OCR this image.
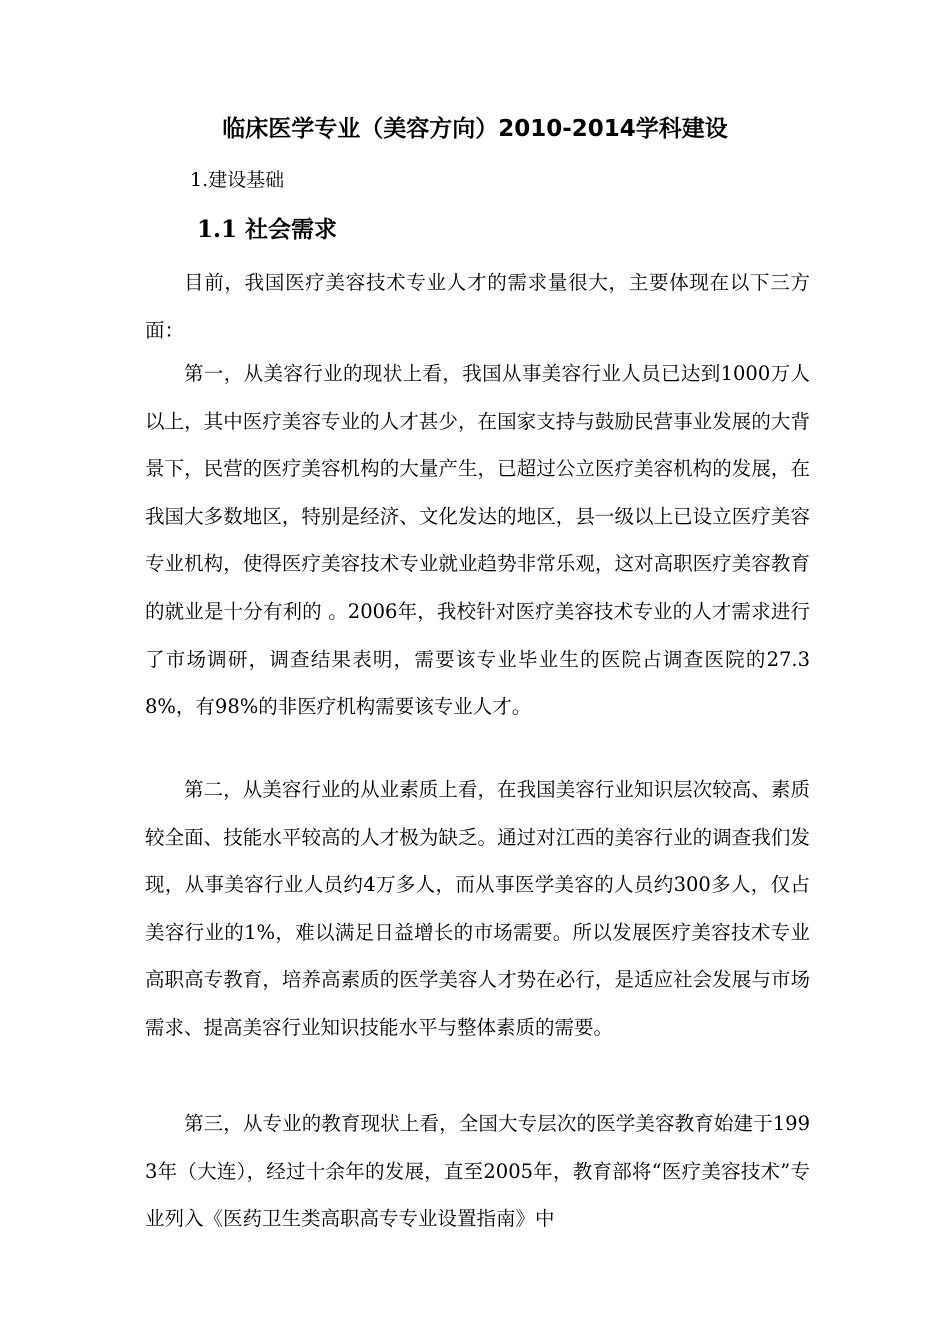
临床医学专业（美容方向）2010-2014学科建设
1.建设基础
1.1 社会需求

目前，我国医疗美容技术专业人才的需求量很大，主要体现在以下三方面：

第一，从美容行业的现状上看，我国从事美容行业人员已达到1000万人以上，其中医疗美容专业的人才甚少，在国家支持与鼓励民营事业发展的大背景下，民营的医疗美容机构的大量产生，已超过公立医疗美容机构的发展，在我国大多数地区，特别是经济、文化发达的地区，县一级以上已设立医疗美容专业机构，使得医疗美容技术专业就业趋势非常乐观，这对高职医疗美容教育的就业是十分有利的 。2006年，我校针对医疗美容技术专业的人才需求进行了市场调研，调查结果表明，需要该专业毕业生的医院占调查医院的27.38%，有98%的非医疗机构需要该专业人才。

第二，从美容行业的从业素质上看，在我国美容行业知识层次较高、素质较全面、技能水平较高的人才极为缺乏。通过对江西的美容行业的调查我们发现，从事美容行业人员约4万多人，而从事医学美容的人员约300多人，仅占美容行业的1%，难以满足日益增长的市场需要。所以发展医疗美容技术专业高职高专教育，培养高素质的医学美容人才势在必行，是适应社会发展与市场需求、提高美容行业知识技能水平与整体素质的需要。

第三，从专业的教育现状上看，全国大专层次的医学美容教育始建于1993年（大连），经过十余年的发展，直至2005年，教育部将“医疗美容技术”专业列入《医药卫生类高职高专专业设置指南》中
